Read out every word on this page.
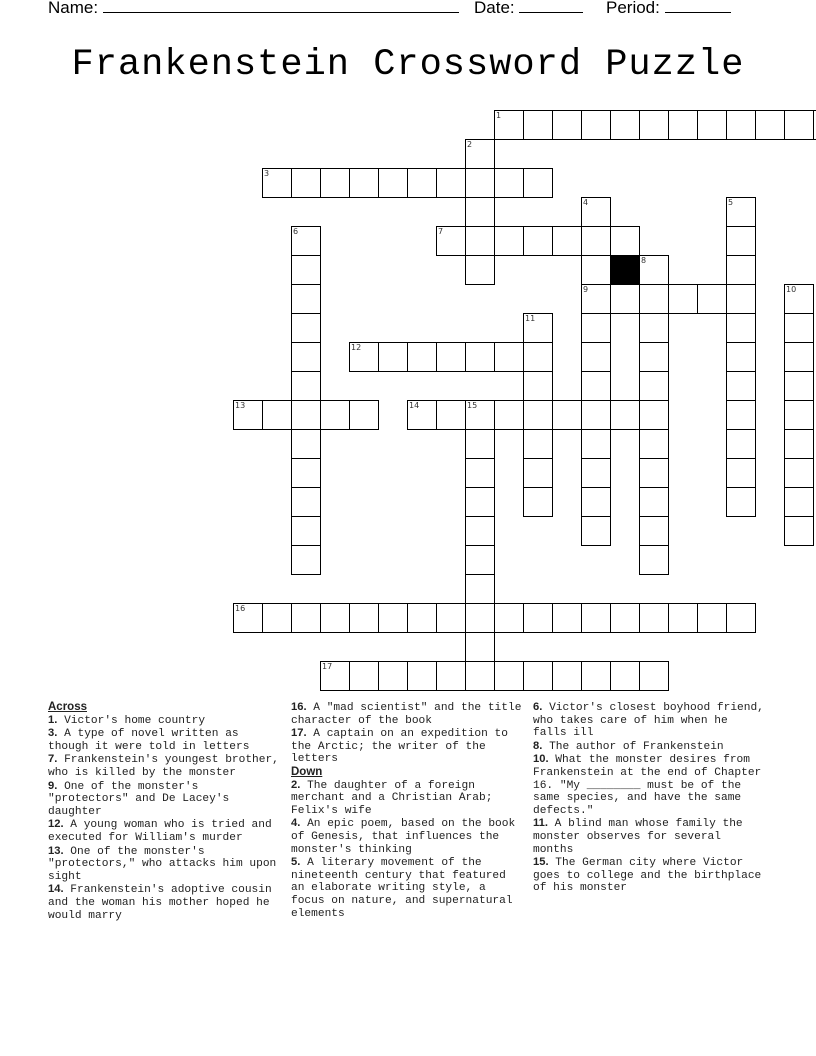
Name:	Date:	Period:
Frankenstein Crossword Puzzle
1
2
3
4	5
6	7
8
9	10
11
12
13	14	15
16
17
Across

1. Victor's home country

3. A type of novel written as though it were told in letters

7. Frankenstein's youngest brother, who is killed by the monster

9. One of the monster's "protectors" and De Lacey's daughter

12. A young woman who is tried and executed for William's murder

13. One of the monster's "protectors," who attacks him upon sight

14. Frankenstein's adoptive cousin and the woman his mother hoped he would marry

16. A "mad scientist" and the title character of the book

17. A captain on an expedition to the Arctic; the writer of the letters

Down

2. The daughter of a foreign merchant and a Christian Arab; Felix's wife

4. An epic poem, based on the book of Genesis, that influences the monster's thinking

5. A literary movement of the nineteenth century that featured an elaborate writing style, a focus on nature, and supernatural elements

6. Victor's closest boyhood friend, who takes care of him when he falls ill

8. The author of Frankenstein

10. What the monster desires from Frankenstein at the end of Chapter 16. "My ________ must be of the same species, and have the same defects."

11. A blind man whose family the monster observes for several months

15. The German city where Victor goes to college and the birthplace of his monster
